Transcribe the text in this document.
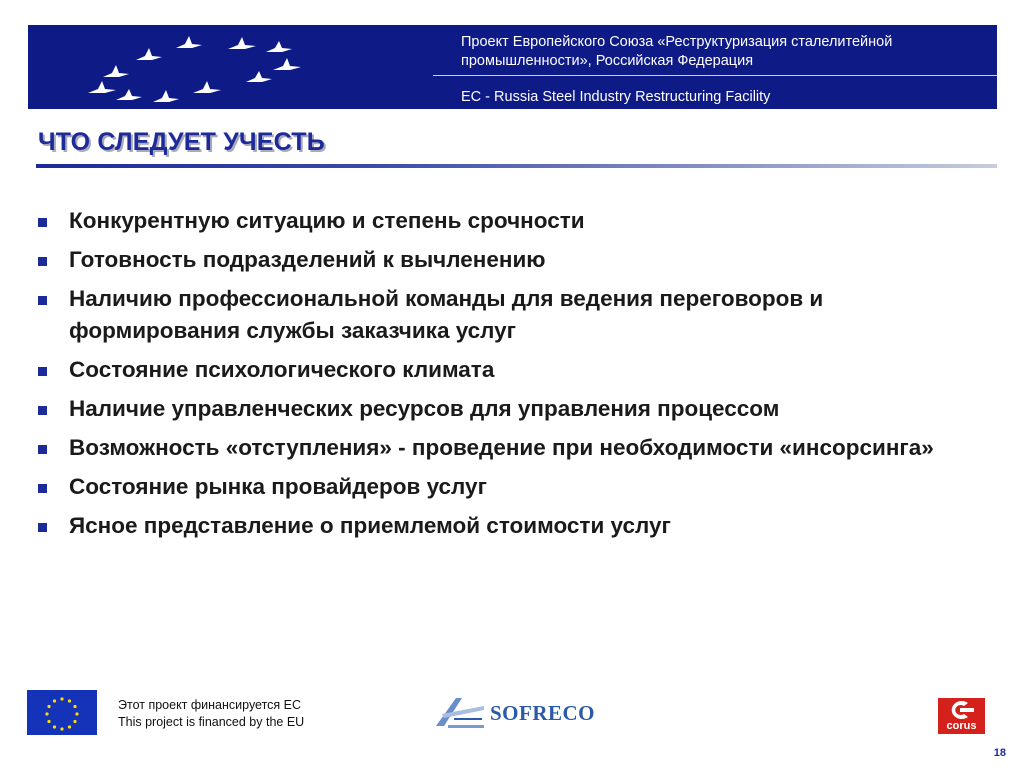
Проект Европейского Союза «Реструктуризация сталелитейной промышленности», Российская Федерация
EC - Russia Steel Industry Restructuring Facility
ЧТО СЛЕДУЕТ УЧЕСТЬ
Конкурентную ситуацию и степень срочности
Готовность подразделений к вычленению
Наличию профессиональной команды для ведения переговоров и формирования службы заказчика услуг
Состояние психологического климата
Наличие управленческих ресурсов для управления процессом
Возможность «отступления» - проведение при необходимости «инсорсинга»
Состояние рынка провайдеров услуг
Ясное представление о приемлемой стоимости услуг
Этот проект финансируется ЕС
This project is financed by the EU	SOFRECO
corus
18
